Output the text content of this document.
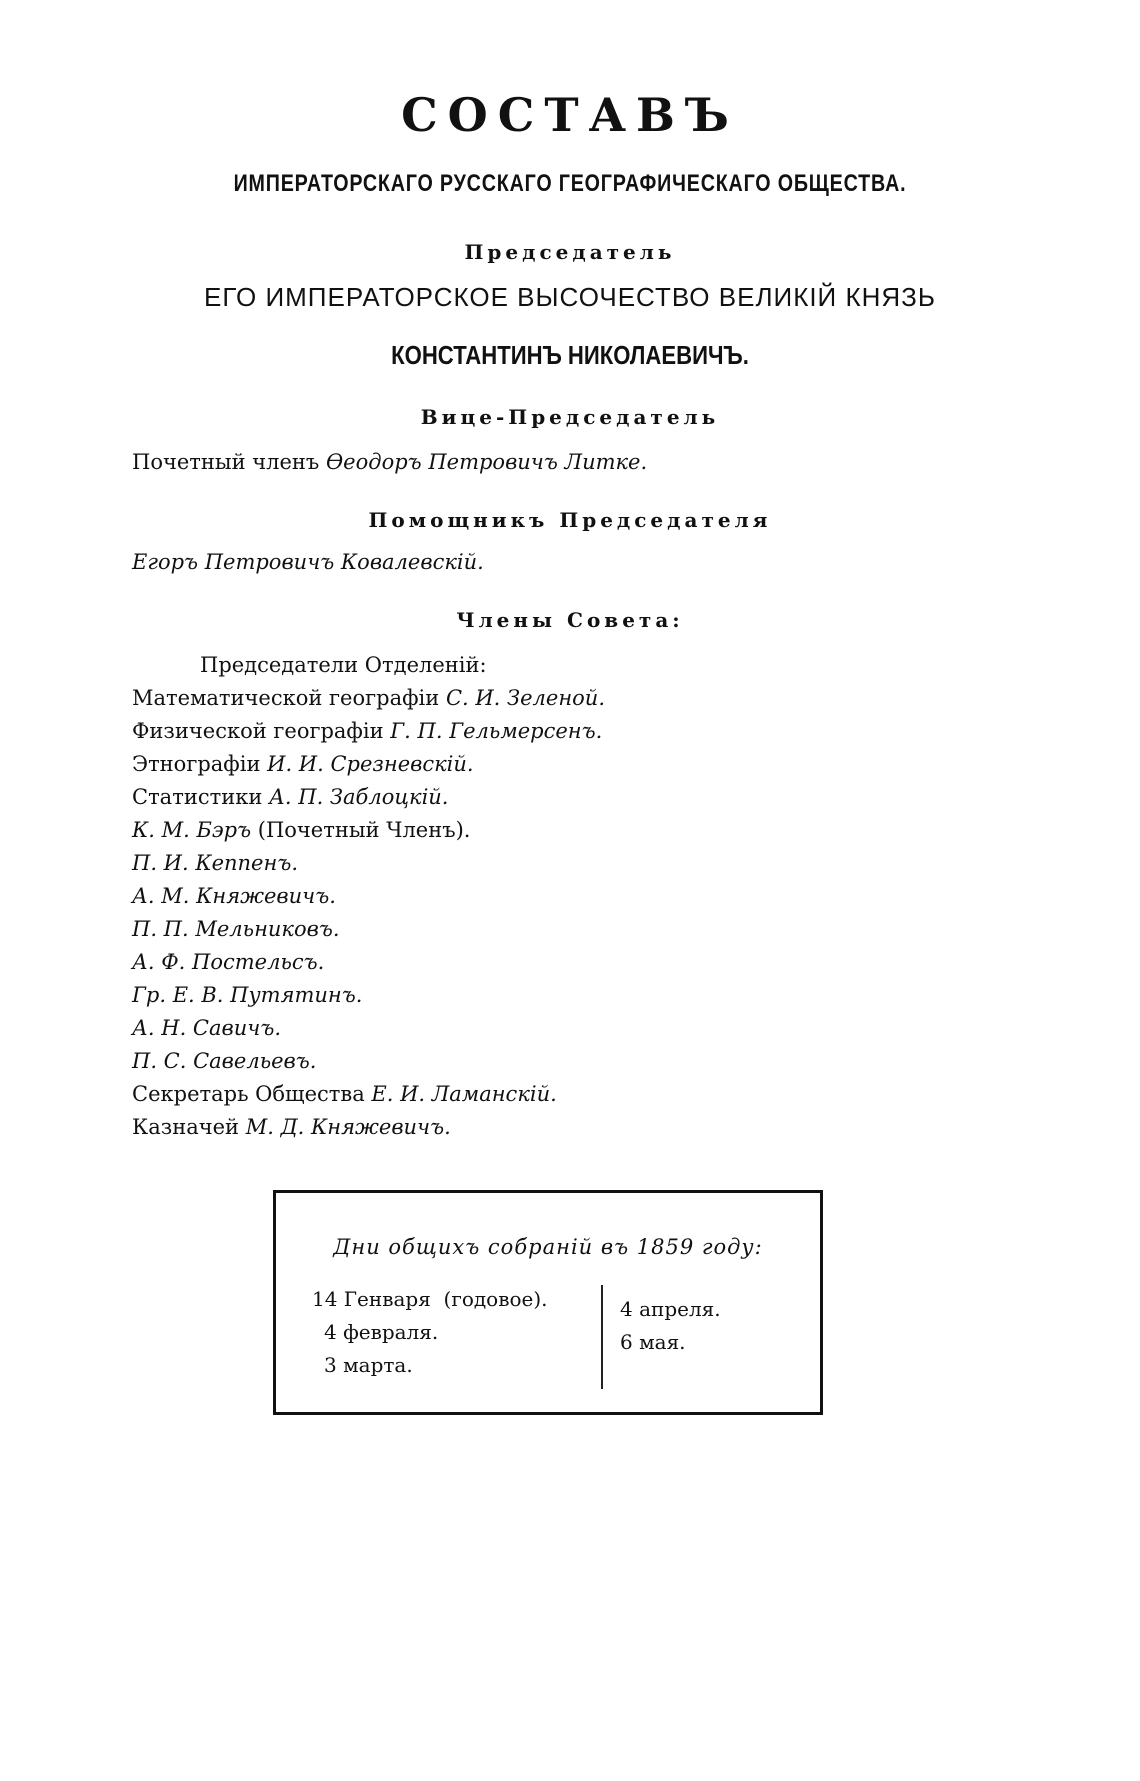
СОСТАВЪ
ИМПЕРАТОРСКАГО РУССКАГО ГЕОГРАФИЧЕСКАГО ОБЩЕСТВА.
Председатель
ЕГО ИМПЕРАТОРСКОЕ ВЫСОЧЕСТВО ВЕЛИКІЙ КНЯЗЬ
КОНСТАНТИНЪ НИКОЛАЕВИЧЪ.
Вице-Председатель
Почетный членъ Ѳеодоръ Петровичъ Литке.
Помощникъ Председателя
Егоръ Петровичъ Ковалевскій.
Члены Совета:
Председатели Отделеній:
Математической географіи С. И. Зеленой.
Физической географіи Г. П. Гельмерсенъ.
Этнографіи И. И. Срезневскій.
Статистики А. П. Заблоцкій.
К. М. Бэръ (Почетный Членъ).
П. И. Кеппенъ.
А. М. Княжевичъ.
П. П. Мельниковъ.
А. Ф. Постельсъ.
Гр. Е. В. Путятинъ.
А. Н. Савичъ.
П. С. Савельевъ.
Секретарь Общества Е. И. Ламанскій.
Казначей М. Д. Княжевичъ.
Дни общихъ собраній въ 1859 году:
14 Генваря  (годовое).
4 февраля.
3 марта.
4 апреля.
6 мая.
